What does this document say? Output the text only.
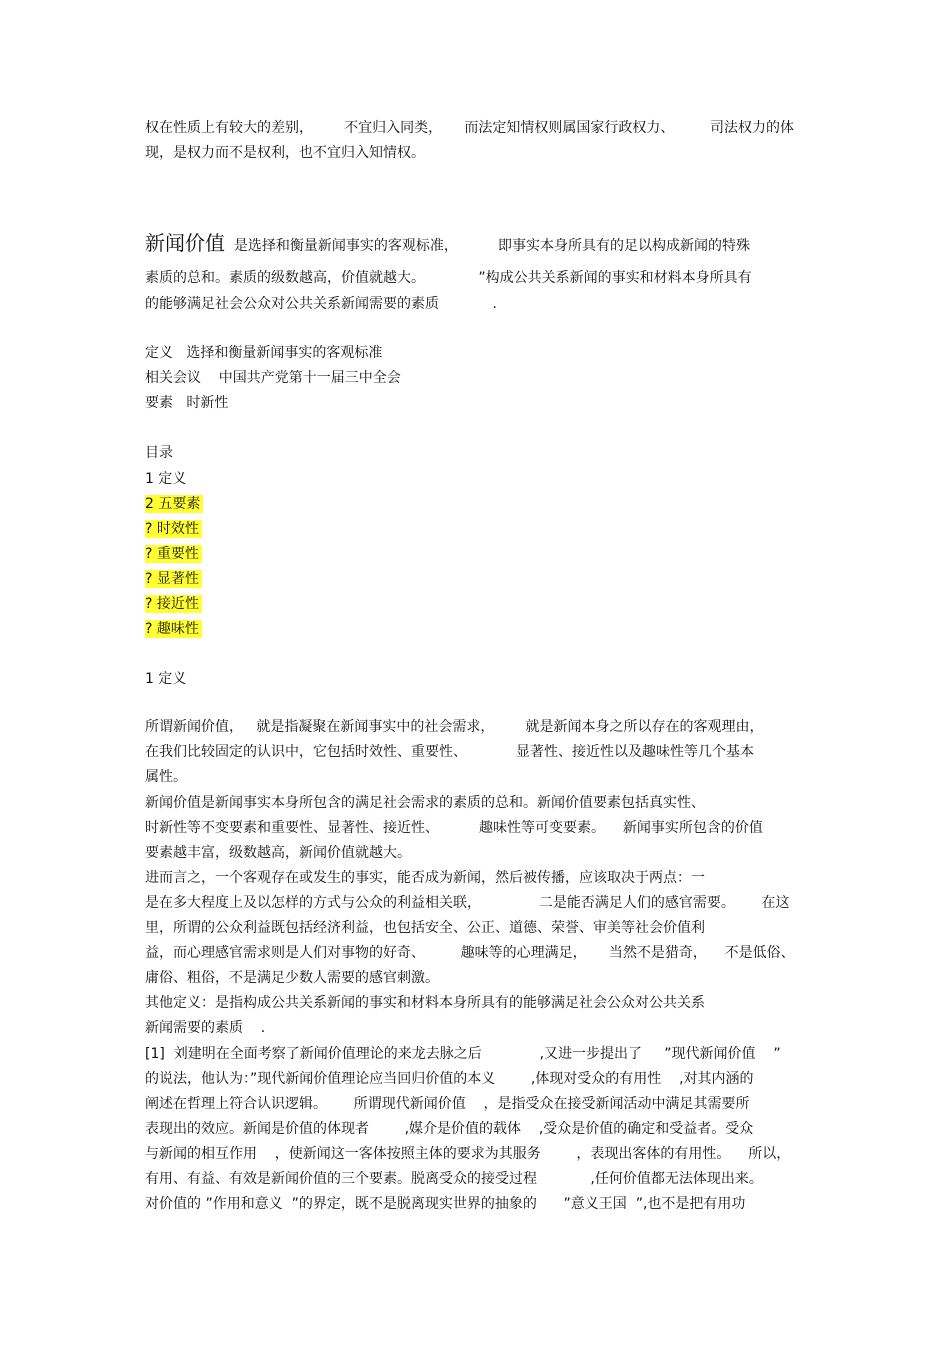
权在性质上有较大的差别，       不宜归入同类，     而法定知情权则属国家行政权力、        司法权力的体
现，是权力而不是权利，也不宜归入知情权。
新闻价值  是选择和衡量新闻事实的客观标准，         即事实本身所具有的足以构成新闻的特殊
素质的总和。素质的级数越高，价值就越大。            ”构成公共关系新闻的事实和材料本身所具有
的能够满足社会公众对公共关系新闻需要的素质            .
定义   选择和衡量新闻事实的客观标准
相关会议    中国共产党第十一届三中全会
要素   时新性
目录
1 定义
2 五要素
? 时效性
? 重要性
? 显著性
? 接近性
? 趣味性
1 定义
所谓新闻价值，   就是指凝聚在新闻事实中的社会需求，       就是新闻本身之所以存在的客观理由，
在我们比较固定的认识中，它包括时效性、重要性、           显著性、接近性以及趣味性等几个基本
属性。
新闻价值是新闻事实本身所包含的满足社会需求的素质的总和。新闻价值要素包括真实性、
时新性等不变要素和重要性、显著性、接近性、         趣味性等可变要素。    新闻事实所包含的价值
要素越丰富，级数越高，新闻价值就越大。
进而言之，一个客观存在或发生的事实，能否成为新闻，然后被传播，应该取决于两点：一
是在多大程度上及以怎样的方式与公众的利益相关联，             二是能否满足人们的感官需要。      在这
里，所谓的公众利益既包括经济利益，也包括安全、公正、道德、荣誉、审美等社会价值利
益，而心理感官需求则是人们对事物的好奇、        趣味等的心理满足，     当然不是猎奇，    不是低俗、
庸俗、粗俗，不是满足少数人需要的感官刺激。
其他定义：是指构成公共关系新闻的事实和材料本身所具有的能够满足社会公众对公共关系
新闻需要的素质    .
[1]  刘建明在全面考察了新闻价值理论的来龙去脉之后             ,又进一步提出了     ”现代新闻价值    ”
的说法，他认为：”现代新闻价值理论应当回归价值的本义        ,体现对受众的有用性    ,对其内涵的
阐述在哲理上符合认识逻辑。      所谓现代新闻价值    ，是指受众在接受新闻活动中满足其需要所
表现出的效应。新闻是价值的体现者        ,媒介是价值的载体    ,受众是价值的确定和受益者。受众
与新闻的相互作用    ，使新闻这一客体按照主体的要求为其服务        ，表现出客体的有用性。    所以，
有用、有益、有效是新闻价值的三个要素。脱离受众的接受过程            ,任何价值都无法体现出来。
对价值的 ”作用和意义  ”的界定，既不是脱离现实世界的抽象的      ”意义王国  ”,也不是把有用功
